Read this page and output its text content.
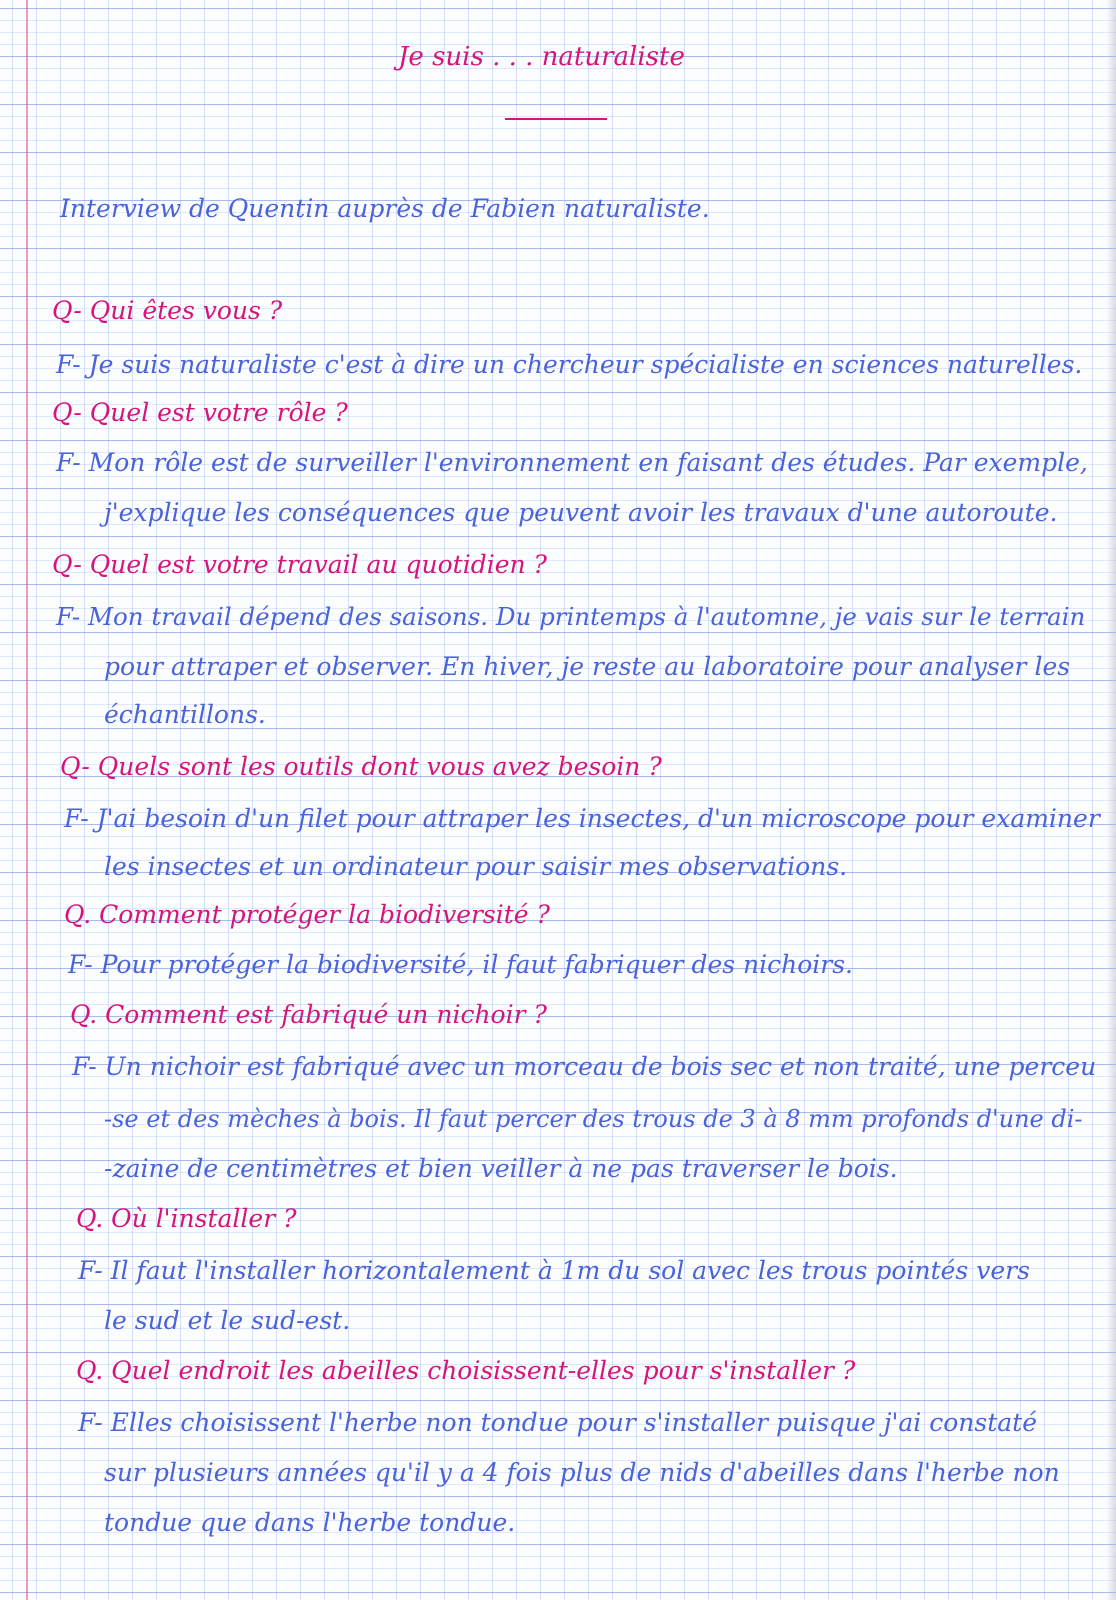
Je suis . . . naturaliste
Interview de Quentin auprès de Fabien naturaliste.
Q- Qui êtes vous ?
F- Je suis naturaliste c'est à dire un chercheur spécialiste en sciences naturelles.
Q- Quel est votre rôle ?
F- Mon rôle est de surveiller l'environnement en faisant des études. Par exemple,
j'explique les conséquences que peuvent avoir les travaux d'une autoroute.
Q- Quel est votre travail au quotidien ?
F- Mon travail dépend des saisons. Du printemps à l'automne, je vais sur le terrain
pour attraper et observer. En hiver, je reste au laboratoire pour analyser les
échantillons.
Q- Quels sont les outils dont vous avez besoin ?
F- J'ai besoin d'un filet pour attraper les insectes, d'un microscope pour examiner
les insectes et un ordinateur pour saisir mes observations.
Q. Comment protéger la biodiversité ?
F- Pour protéger la biodiversité, il faut fabriquer des nichoirs.
Q. Comment est fabriqué un nichoir ?
F- Un nichoir est fabriqué avec un morceau de bois sec et non traité, une perceu
-se et des mèches à bois. Il faut percer des trous de 3 à 8 mm profonds d'une di-
-zaine de centimètres et bien veiller à ne pas traverser le bois.
Q. Où l'installer ?
F- Il faut l'installer horizontalement à 1m du sol avec les trous pointés vers
le sud et le sud-est.
Q. Quel endroit les abeilles choisissent-elles pour s'installer ?
F- Elles choisissent l'herbe non tondue pour s'installer puisque j'ai constaté
sur plusieurs années qu'il y a 4 fois plus de nids d'abeilles dans l'herbe non
tondue que dans l'herbe tondue.
